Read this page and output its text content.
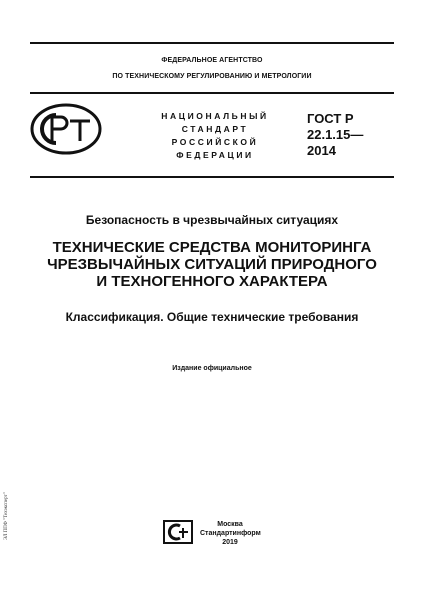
ФЕДЕРАЛЬНОЕ АГЕНТСТВО
ПО ТЕХНИЧЕСКОМУ РЕГУЛИРОВАНИЮ И МЕТРОЛОГИИ
НАЦИОНАЛЬНЫЙ
СТАНДАРТ
РОССИЙСКОЙ
ФЕДЕРАЦИИ
ГОСТ Р
22.1.15—
2014
Безопасность в чрезвычайных ситуациях
ТЕХНИЧЕСКИЕ СРЕДСТВА МОНИТОРИНГА
ЧРЕЗВЫЧАЙНЫХ СИТУАЦИЙ ПРИРОДНОГО
И ТЕХНОГЕННОГО ХАРАКТЕРА
Классификация. Общие технические требования
Издание официальное
Москва
Стандартинформ
2019
ЭЛ ППФ "Техэксперт"
